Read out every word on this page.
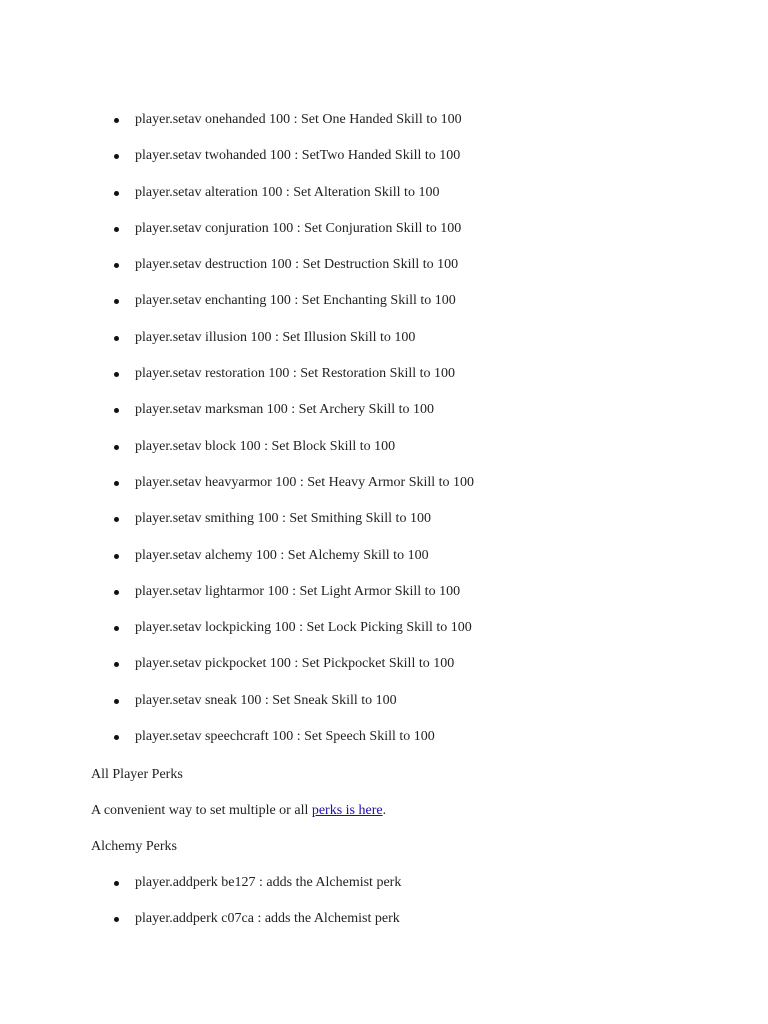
player.setav onehanded 100 : Set One Handed Skill to 100
player.setav twohanded 100 : SetTwo Handed Skill to 100
player.setav alteration 100 : Set Alteration Skill to 100
player.setav conjuration 100 : Set Conjuration Skill to 100
player.setav destruction 100 : Set Destruction Skill to 100
player.setav enchanting 100 : Set Enchanting Skill to 100
player.setav illusion 100 : Set Illusion Skill to 100
player.setav restoration 100 : Set Restoration Skill to 100
player.setav marksman 100 : Set Archery Skill to 100
player.setav block 100 : Set Block Skill to 100
player.setav heavyarmor 100 : Set Heavy Armor Skill to 100
player.setav smithing 100 : Set Smithing Skill to 100
player.setav alchemy 100 : Set Alchemy Skill to 100
player.setav lightarmor 100 : Set Light Armor Skill to 100
player.setav lockpicking 100 : Set Lock Picking Skill to 100
player.setav pickpocket 100 : Set Pickpocket Skill to 100
player.setav sneak 100 : Set Sneak Skill to 100
player.setav speechcraft 100 : Set Speech Skill to 100

All Player Perks

A convenient way to set multiple or all perks is here.

Alchemy Perks

player.addperk be127 : adds the Alchemist perk
player.addperk c07ca : adds the Alchemist perk
